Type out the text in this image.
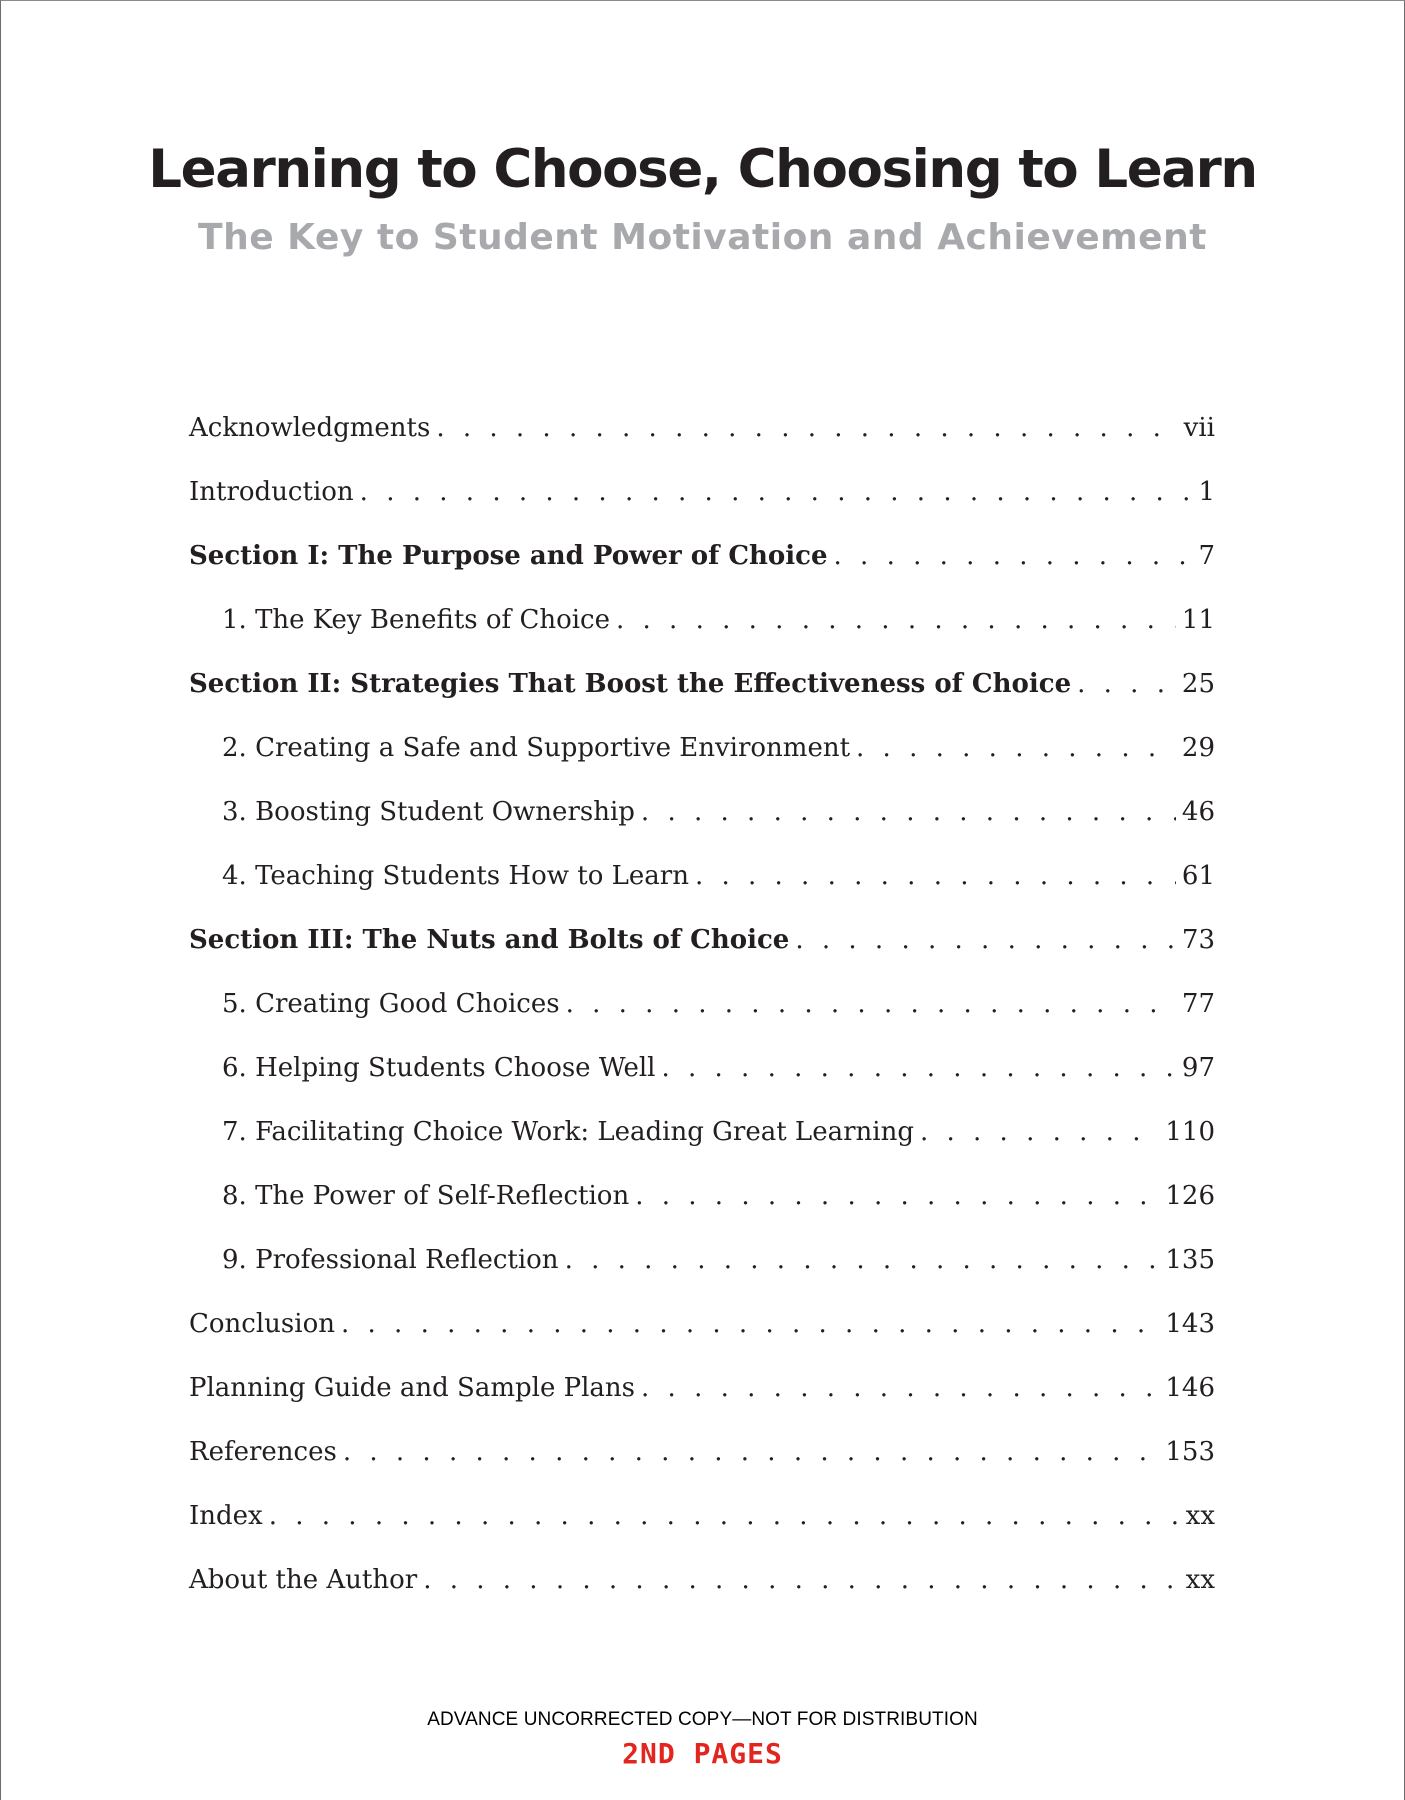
Learning to Choose, Choosing to Learn
The Key to Student Motivation and Achievement
Acknowledgments . . .	vii
Introduction . . .	1
Section I: The Purpose and Power of Choice . . .	7
1. The Key Benefits of Choice . . .	11
Section II: Strategies That Boost the Effectiveness of Choice . . .	25
2. Creating a Safe and Supportive Environment . . .	29
3. Boosting Student Ownership . . .	46
4. Teaching Students How to Learn . . .	61
Section III: The Nuts and Bolts of Choice . . .	73
5. Creating Good Choices . . .	77
6. Helping Students Choose Well . . .	97
7. Facilitating Choice Work: Leading Great Learning . . .	110
8. The Power of Self-Reflection . . .	126
9. Professional Reflection . . .	135
Conclusion . . .	143
Planning Guide and Sample Plans . . .	146
References . . .	153
Index . . .	xx
About the Author . . .	xx
ADVANCE UNCORRECTED COPY—NOT FOR DISTRIBUTION
2ND PAGES
